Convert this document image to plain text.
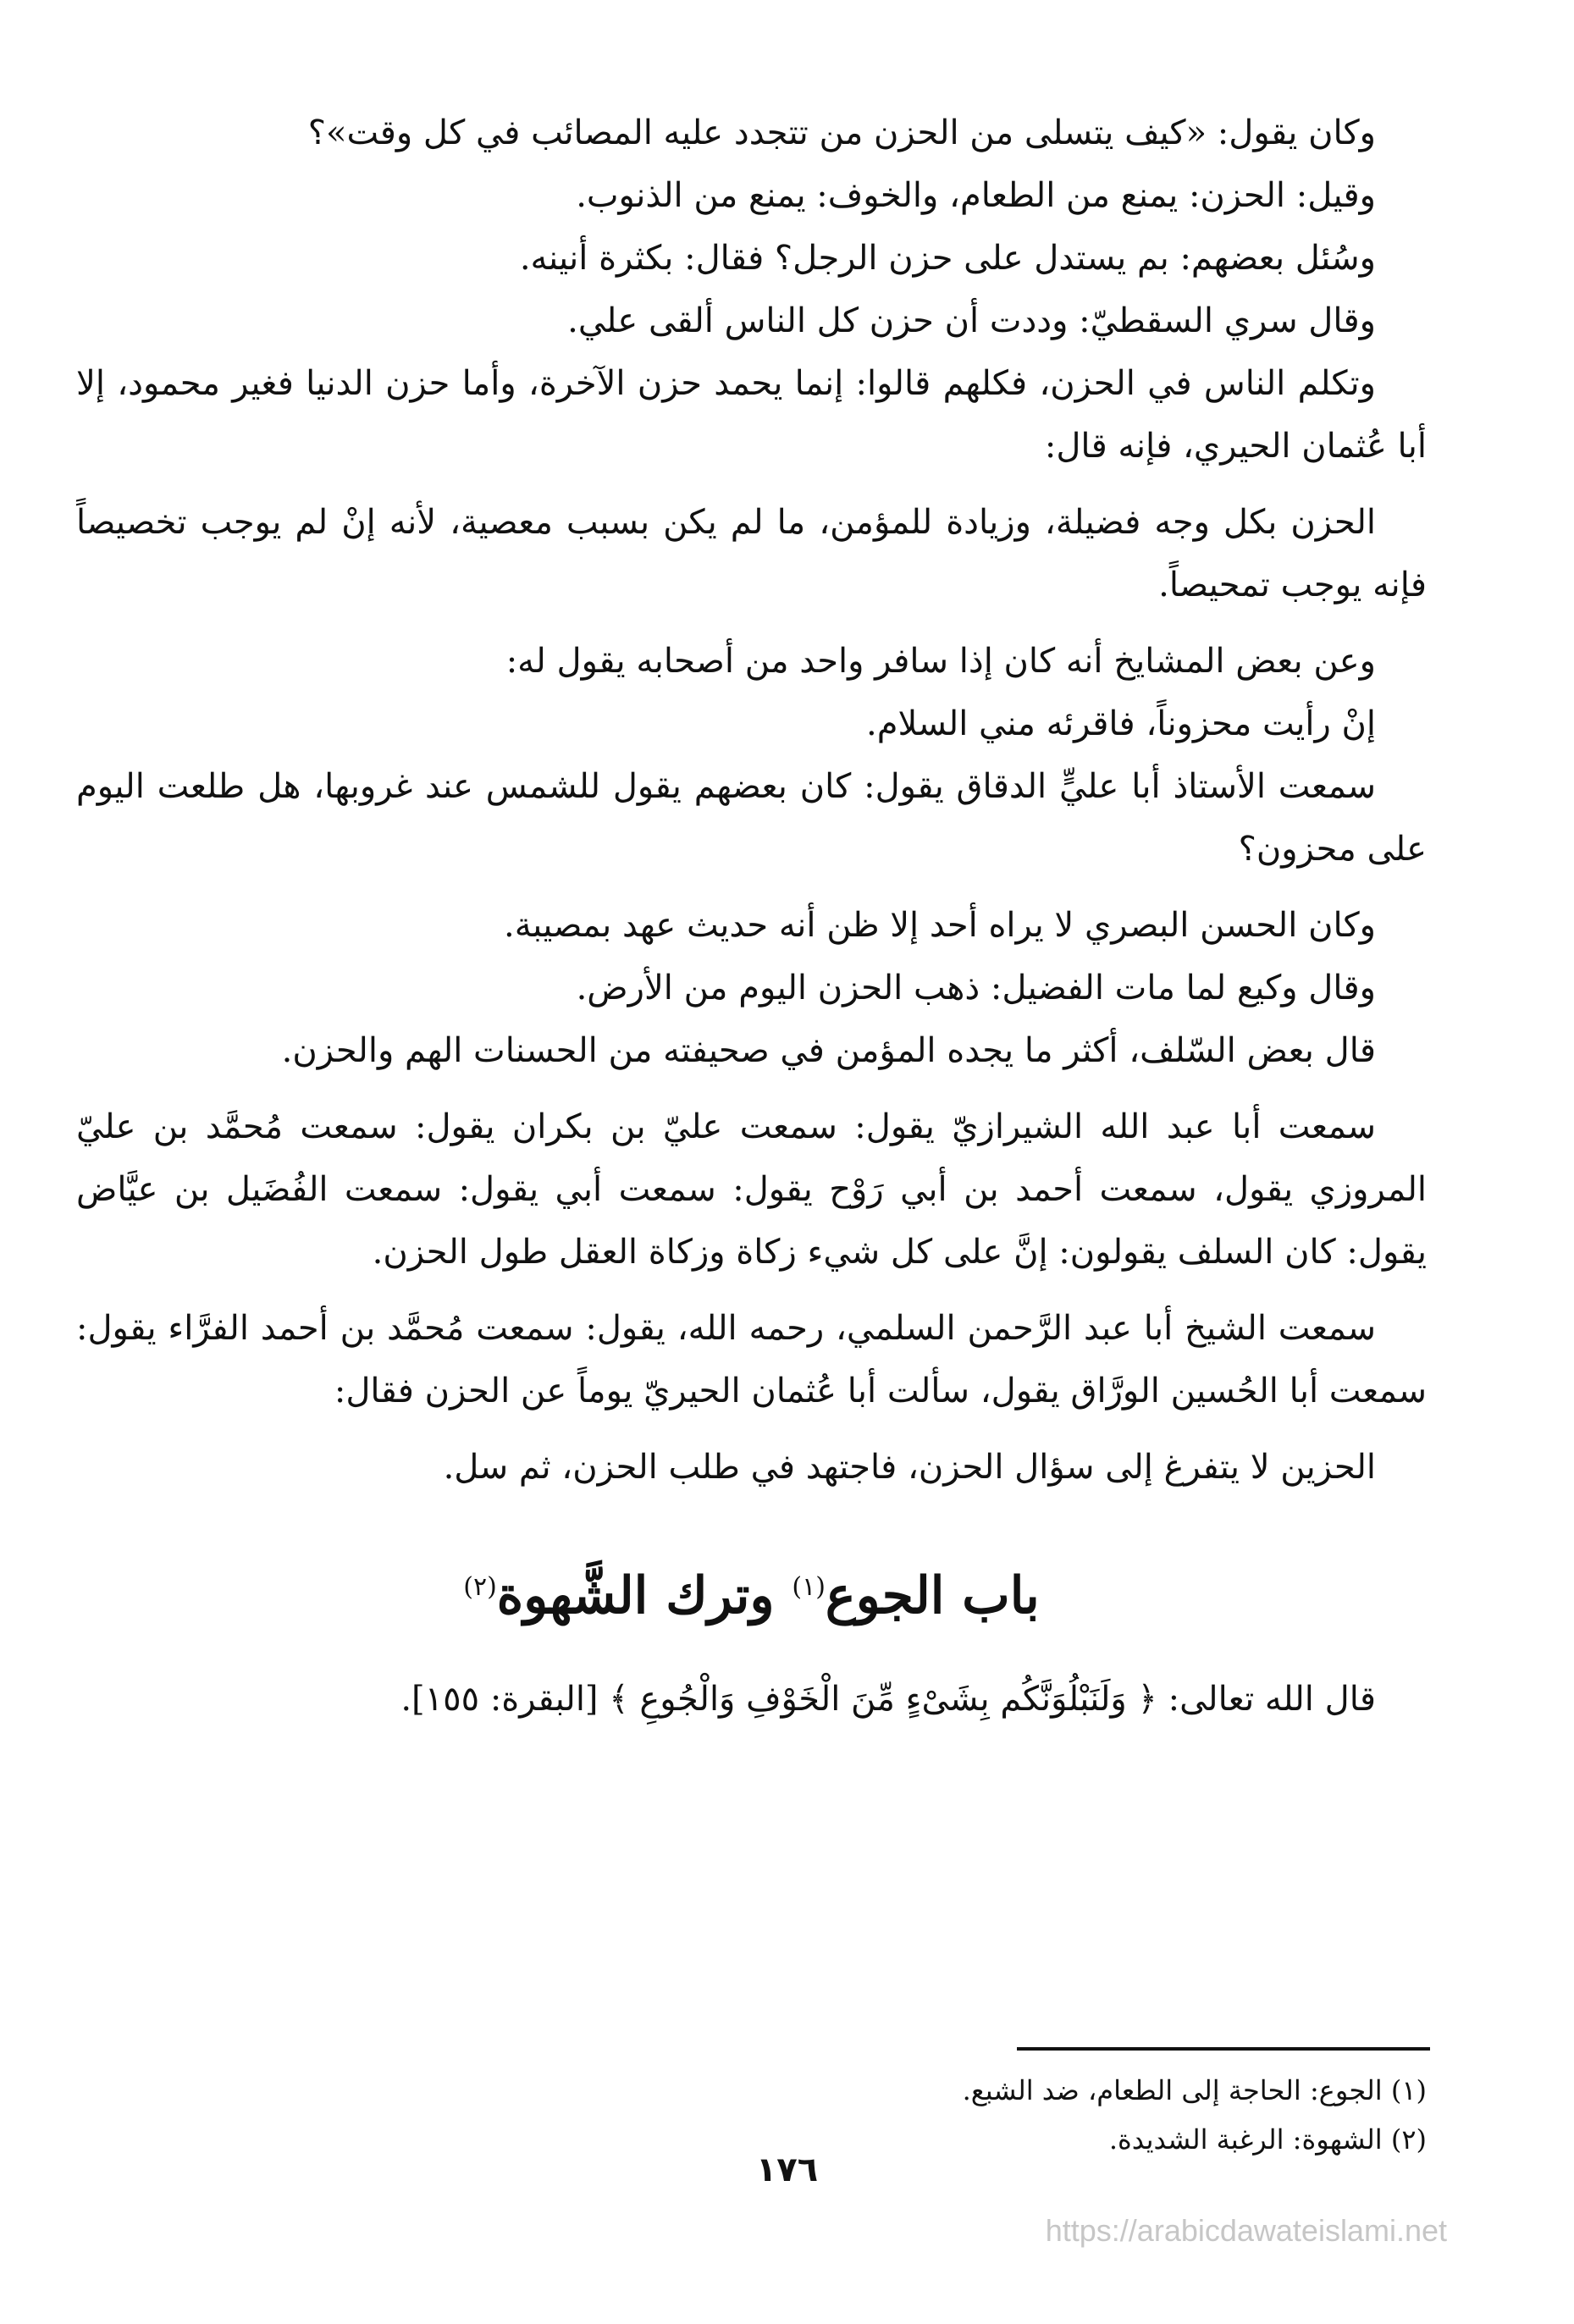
وكان يقول: «كيف يتسلى من الحزن من تتجدد عليه المصائب في كل وقت»؟

وقيل: الحزن: يمنع من الطعام، والخوف: يمنع من الذنوب.

وسُئل بعضهم: بم يستدل على حزن الرجل؟ فقال: بكثرة أنينه.

وقال سري السقطيّ: وددت أن حزن كل الناس ألقى علي.

وتكلم الناس في الحزن، فكلهم قالوا: إنما يحمد حزن الآخرة، وأما حزن الدنيا فغير محمود، إلا أبا عُثمان الحيري، فإنه قال:

الحزن بكل وجه فضيلة، وزيادة للمؤمن، ما لم يكن بسبب معصية، لأنه إنْ لم يوجب تخصيصاً فإنه يوجب تمحيصاً.

وعن بعض المشايخ أنه كان إذا سافر واحد من أصحابه يقول له:

إنْ رأيت محزوناً، فاقرئه مني السلام.

سمعت الأستاذ أبا عليٍّ الدقاق يقول: كان بعضهم يقول للشمس عند غروبها، هل طلعت اليوم على محزون؟

وكان الحسن البصري لا يراه أحد إلا ظن أنه حديث عهد بمصيبة.

وقال وكيع لما مات الفضيل: ذهب الحزن اليوم من الأرض.

قال بعض السّلف، أكثر ما يجده المؤمن في صحيفته من الحسنات الهم والحزن.

سمعت أبا عبد الله الشيرازيّ يقول: سمعت عليّ بن بكران يقول: سمعت مُحمَّد بن عليّ المروزي يقول، سمعت أحمد بن أبي رَوْح يقول: سمعت أبي يقول: سمعت الفُضَيل بن عيَّاض يقول: كان السلف يقولون: إنَّ على كل شيء زكاة وزكاة العقل طول الحزن.

سمعت الشيخ أبا عبد الرَّحمن السلمي، رحمه الله، يقول: سمعت مُحمَّد بن أحمد الفرَّاء يقول: سمعت أبا الحُسين الورَّاق يقول، سألت أبا عُثمان الحيريّ يوماً عن الحزن فقال:

الحزين لا يتفرغ إلى سؤال الحزن، فاجتهد في طلب الحزن، ثم سل.

باب الجوع$^{(١)}$ وترك الشَّهوة$^{(٢)}$

قال الله تعالى: ﴿ وَلَنَبْلُوَنَّكُم بِشَىْءٍ مِّنَ الْخَوْفِ وَالْجُوعِ ﴾ [البقرة: ١٥٥].

(١) الجوع: الحاجة إلى الطعام، ضد الشبع.
(٢) الشهوة: الرغبة الشديدة.
١٧٦
https://arabicdawateislami.net
